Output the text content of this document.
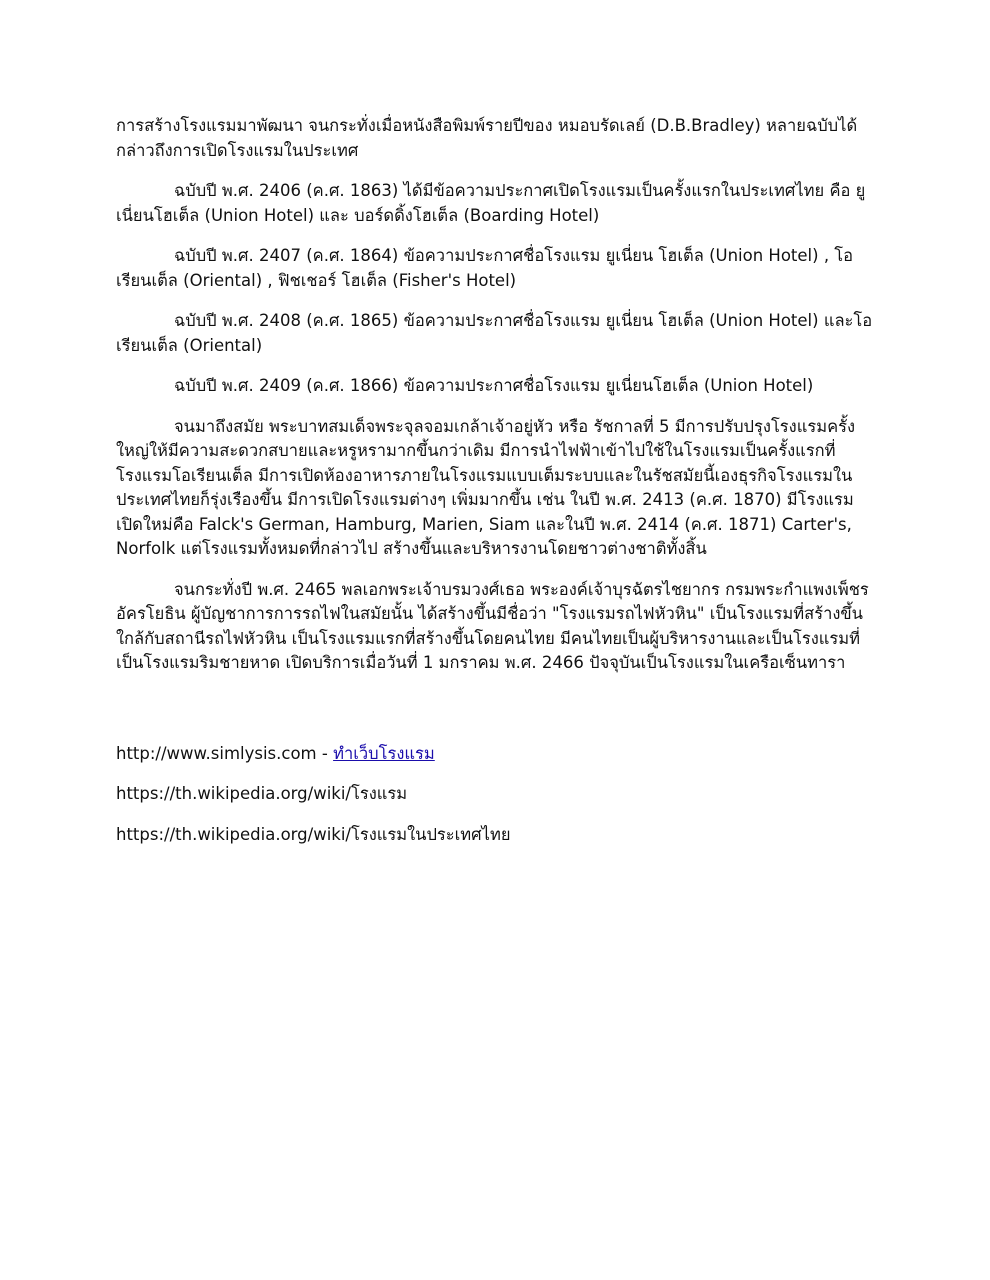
การสร้างโรงแรมมาพัฒนา จนกระทั่งเมื่อหนังสือพิมพ์รายปีของ หมอบรัดเลย์ (D.B.Bradley) หลายฉบับได้กล่าวถึงการเปิดโรงแรมในประเทศ

ฉบับปี พ.ศ. 2406 (ค.ศ. 1863) ได้มีข้อความประกาศเปิดโรงแรมเป็นครั้งแรกในประเทศไทย คือ ยูเนี่ยนโฮเต็ล (Union Hotel) และ บอร์ดดิ้งโฮเต็ล (Boarding Hotel)

ฉบับปี พ.ศ. 2407 (ค.ศ. 1864) ข้อความประกาศชื่อโรงแรม ยูเนี่ยน โฮเต็ล (Union Hotel) , โอเรียนเต็ล (Oriental) , ฟิชเชอร์ โฮเต็ล (Fisher's Hotel)

ฉบับปี พ.ศ. 2408 (ค.ศ. 1865) ข้อความประกาศชื่อโรงแรม ยูเนี่ยน โฮเต็ล (Union Hotel) และโอเรียนเต็ล (Oriental)

ฉบับปี พ.ศ. 2409 (ค.ศ. 1866) ข้อความประกาศชื่อโรงแรม ยูเนี่ยนโฮเต็ล (Union Hotel)

จนมาถึงสมัย พระบาทสมเด็จพระจุลจอมเกล้าเจ้าอยู่หัว หรือ รัชกาลที่ 5 มีการปรับปรุงโรงแรมครั้งใหญ่ให้มีความสะดวกสบายและหรูหรามากขึ้นกว่าเดิม มีการนำไฟฟ้าเข้าไปใช้ในโรงแรมเป็นครั้งแรกที่โรงแรมโอเรียนเต็ล มีการเปิดห้องอาหารภายในโรงแรมแบบเต็มระบบและในรัชสมัยนี้เองธุรกิจโรงแรมในประเทศไทยก็รุ่งเรืองขึ้น มีการเปิดโรงแรมต่างๆ เพิ่มมากขึ้น เช่น ในปี พ.ศ. 2413 (ค.ศ. 1870) มีโรงแรมเปิดใหม่คือ Falck's German, Hamburg, Marien, Siam และในปี พ.ศ. 2414 (ค.ศ. 1871) Carter's, Norfolk แต่โรงแรมทั้งหมดที่กล่าวไป สร้างขึ้นและบริหารงานโดยชาวต่างชาติทั้งสิ้น

จนกระทั่งปี พ.ศ. 2465 พลเอกพระเจ้าบรมวงศ์เธอ พระองค์เจ้าบุรฉัตรไชยากร กรมพระกำแพงเพ็ชรอัครโยธิน ผู้บัญชาการการรถไฟในสมัยนั้น ได้สร้างขึ้นมีชื่อว่า "โรงแรมรถไฟหัวหิน" เป็นโรงแรมที่สร้างขึ้นใกล้กับสถานีรถไฟหัวหิน เป็นโรงแรมแรกที่สร้างขึ้นโดยคนไทย มีคนไทยเป็นผู้บริหารงานและเป็นโรงแรมที่เป็นโรงแรมริมชายหาด เปิดบริการเมื่อวันที่ 1 มกราคม พ.ศ. 2466 ปัจจุบันเป็นโรงแรมในเครือเซ็นทารา

http://www.simlysis.com - ทำเว็บโรงแรม

https://th.wikipedia.org/wiki/โรงแรม

https://th.wikipedia.org/wiki/โรงแรมในประเทศไทย
